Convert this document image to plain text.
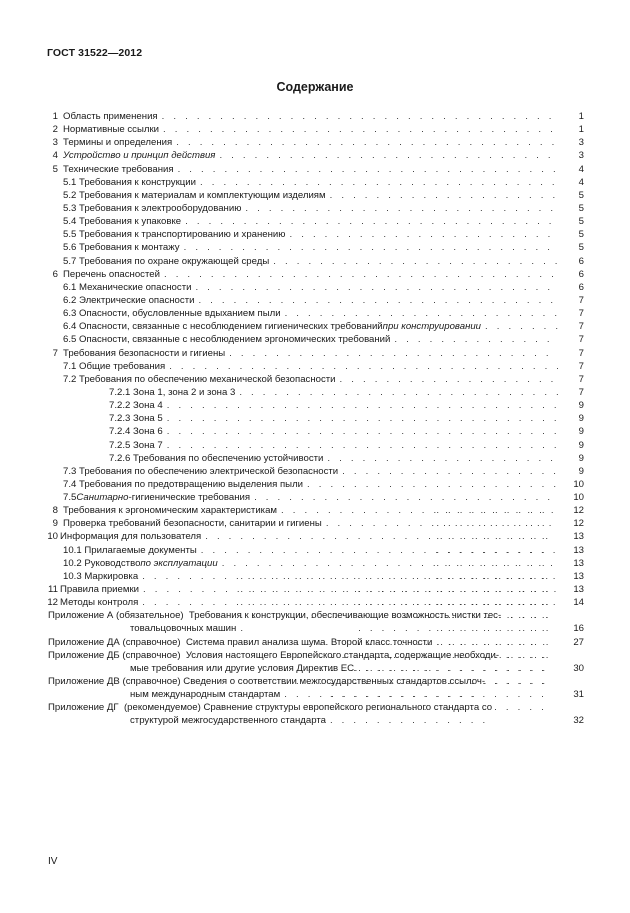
ГОСТ 31522—2012
Содержание
1 Область применения . . .	1
2 Нормативные ссылки . . .	1
3 Термины и определения . . .	3
4 Устройство и принцип действия . . .	3
5 Технические требования . . .	4
5.1 Требования к конструкции . . .	4
5.2 Требования к материалам и комплектующим изделиям . . .	5
5.3 Требования к электрооборудованию . . .	5
5.4 Требования к упаковке . . .	5
5.5 Требования к транспортированию и хранению . . .	5
5.6 Требования к монтажу . . .	5
5.7 Требования по охране окружающей среды . . .	6
6 Перечень опасностей . . .	6
6.1 Механические опасности . . .	6
6.2 Электрические опасности . . .	7
6.3 Опасности, обусловленные вдыханием пыли . . .	7
6.4 Опасности, связанные с несоблюдением гигиенических требований при конструировании . . .	7
6.5 Опасности, связанные с несоблюдением эргономических требований . . .	7
7 Требования безопасности и гигиены . . .	7
7.1 Общие требования . . .	7
7.2 Требования по обеспечению механической безопасности . . .	7
7.2.1 Зона 1, зона 2 и зона 3 . . .	7
7.2.2 Зона 4 . . .	9
7.2.3 Зона 5 . . .	9
7.2.4 Зона 6 . . .	9
7.2.5 Зона 7 . . .	9
7.2.6 Требования по обеспечению устойчивости . . .	9
7.3 Требования по обеспечению электрической безопасности . . .	9
7.4 Требования по предотвращению выделения пыли . . .	10
7.5 Санитарно -гигиенические требования . . .	10
8 Требования к эргономическим характеристикам . . .	12
9 Проверка требований безопасности, санитарии и гигиены . . .	12
10 Информация для пользователя . . .	13
10.1 Прилагаемые документы . . .	13
10.2 Руководство по эксплуатации . . .	13
10.3 Маркировка . . .	13
11 Правила приемки . . .	13
12 Методы контроля . . .	14
Приложение А (обязательное)  Требования к конструкции, обеспечивающие возможность чистки тес-
товальцовочных машин . . .	16
Приложение ДА (справочное)  Система правил анализа шума. Второй класс точности . . .	27
Приложение ДБ (справочное)  Условия настоящего Европейского стандарта, содержащие необходи-
мые требования или другие условия Директив ЕС . . .	30
Приложение ДВ (справочное) Сведения о соответствии межгосударственных стандартов ссылоч-
ным международным стандартам . . .	31
Приложение ДГ  (рекомендуемое) Сравнение структуры европейского регионального стандарта со
структурой межгосударственного стандарта . . .	32
IV
